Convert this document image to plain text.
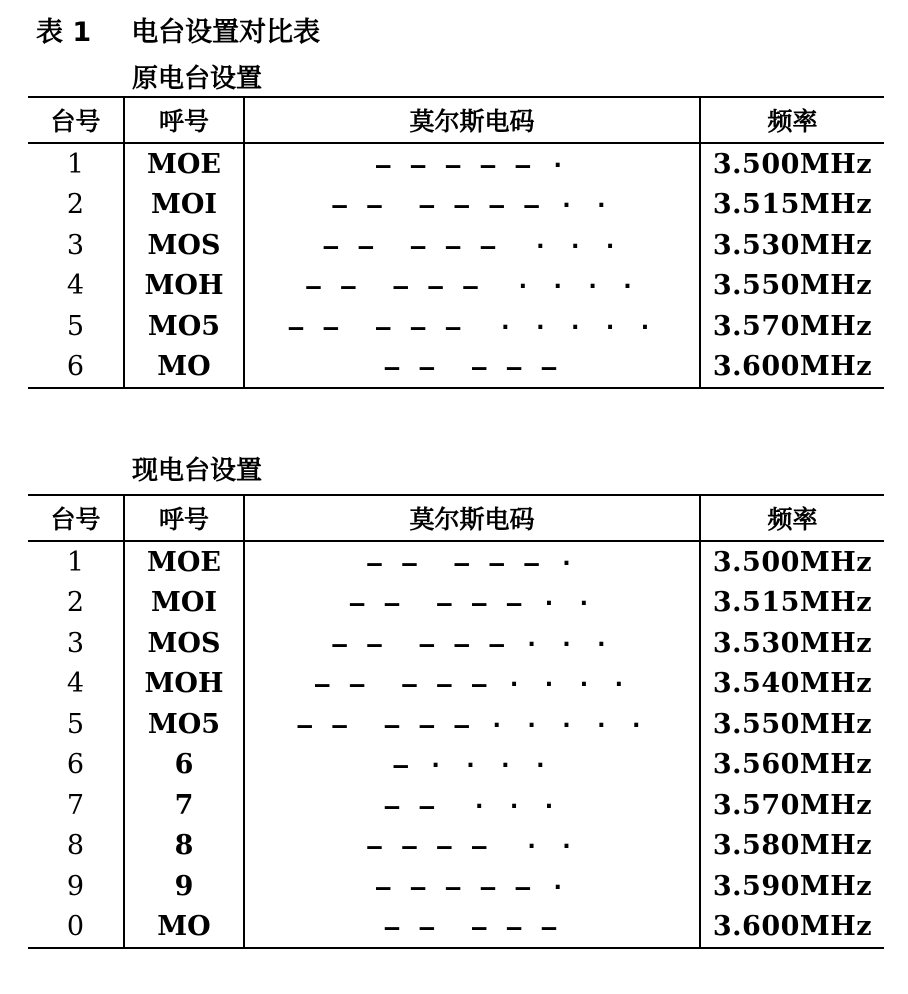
表 1 电台设置对比表
原电台设置
台号	呼号	莫尔斯电码	频率
1	MOE	— — — — — ·	3.500MHz
2	MOI	— —  — — — — · ·	3.515MHz
3	MOS	— —  — — —  · · ·	3.530MHz
4	MOH	— —  — — —  · · · ·	3.550MHz
5	MO5	— —  — — —  · · · · ·	3.570MHz
6	MO	— —  — — —	3.600MHz
现电台设置
台号	呼号	莫尔斯电码	频率
1	MOE	— —  — — — ·	3.500MHz
2	MOI	— —  — — — · ·	3.515MHz
3	MOS	— —  — — — · · ·	3.530MHz
4	MOH	— —  — — — · · · ·	3.540MHz
5	MO5	— —  — — — · · · · ·	3.550MHz
6	6	— · · · ·	3.560MHz
7	7	— —  · · ·	3.570MHz
8	8	— — — —  · ·	3.580MHz
9	9	— — — — — ·	3.590MHz
0	MO	— —  — — —	3.600MHz
